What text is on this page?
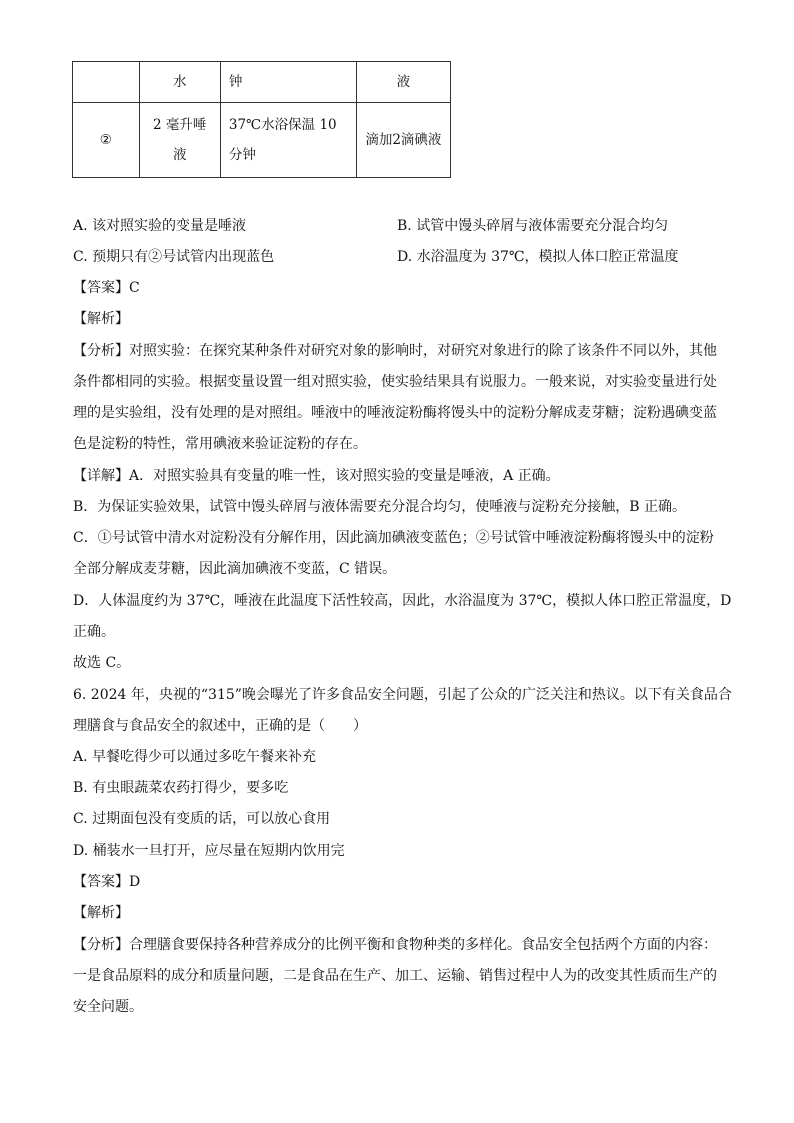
	水	钟	液
②	2 毫升唾液	37℃水浴保温 10分钟	滴加2滴碘液
A. 该对照实验的变量是唾液	B. 试管中馒头碎屑与液体需要充分混合均匀
C. 预期只有②号试管内出现蓝色	D. 水浴温度为 37℃，模拟人体口腔正常温度
【答案】C
【解析】
【分析】对照实验：在探究某种条件对研究对象的影响时，对研究对象进行的除了该条件不同以外，其他
条件都相同的实验。根据变量设置一组对照实验，使实验结果具有说服力。一般来说，对实验变量进行处
理的是实验组，没有处理的是对照组。唾液中的唾液淀粉酶将馒头中的淀粉分解成麦芽糖；淀粉遇碘变蓝
色是淀粉的特性，常用碘液来验证淀粉的存在。
【详解】A．对照实验具有变量的唯一性，该对照实验的变量是唾液，A 正确。
B．为保证实验效果，试管中馒头碎屑与液体需要充分混合均匀，使唾液与淀粉充分接触，B 正确。
C．①号试管中清水对淀粉没有分解作用，因此滴加碘液变蓝色；②号试管中唾液淀粉酶将馒头中的淀粉
全部分解成麦芽糖，因此滴加碘液不变蓝，C 错误。
D．人体温度约为 37℃，唾液在此温度下活性较高，因此，水浴温度为 37℃，模拟人体口腔正常温度，D
正确。
故选 C。
6. 2024 年，央视的“315”晚会曝光了许多食品安全问题，引起了公众的广泛关注和热议。以下有关食品合
理膳食与食品安全的叙述中，正确的是（　　）
A. 早餐吃得少可以通过多吃午餐来补充
B. 有虫眼蔬菜农药打得少，要多吃
C. 过期面包没有变质的话，可以放心食用
D. 桶装水一旦打开，应尽量在短期内饮用完
【答案】D
【解析】
【分析】合理膳食要保持各种营养成分的比例平衡和食物种类的多样化。食品安全包括两个方面的内容：
一是食品原料的成分和质量问题，二是食品在生产、加工、运输、销售过程中人为的改变其性质而生产的
安全问题。
